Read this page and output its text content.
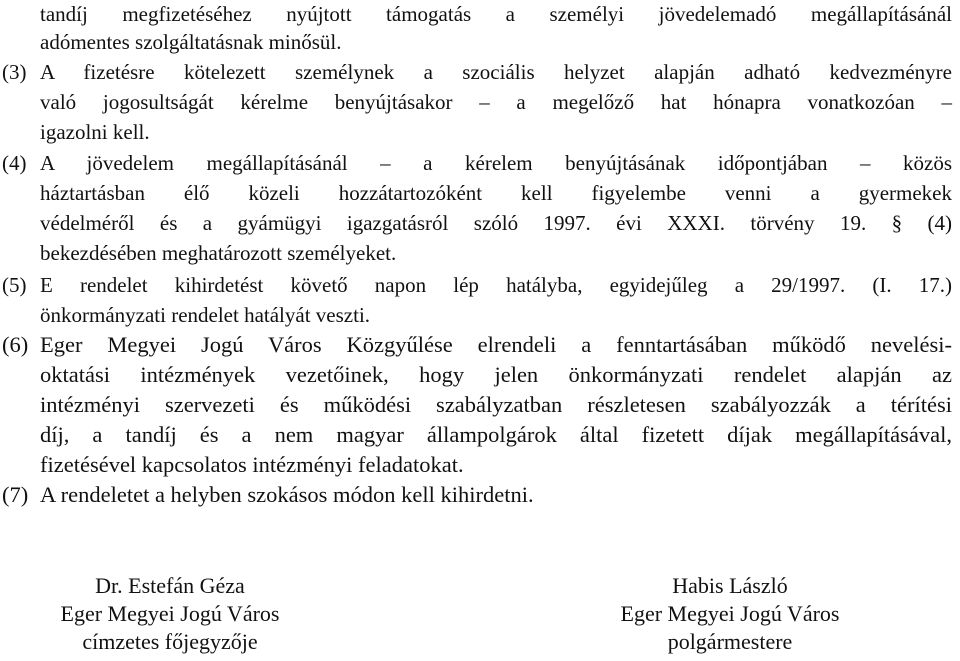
tandíj megfizetéséhez nyújtott támogatás a személyi jövedelemadó megállapításánál
adómentes szolgáltatásnak minősül.
(3) A fizetésre kötelezett személynek a szociális helyzet alapján adható kedvezményre
való jogosultságát kérelme benyújtásakor – a megelőző hat hónapra vonatkozóan –
igazolni kell.
(4) A jövedelem megállapításánál – a kérelem benyújtásának időpontjában – közös
háztartásban élő közeli hozzátartozóként kell figyelembe venni a gyermekek
védelméről és a gyámügyi igazgatásról szóló 1997. évi XXXI. törvény 19. § (4)
bekezdésében meghatározott személyeket.
(5) E rendelet kihirdetést követő napon lép hatályba, egyidejűleg a 29/1997. (I. 17.)
önkormányzati rendelet hatályát veszti.
(6) Eger Megyei Jogú Város Közgyűlése elrendeli a fenntartásában működő nevelési-
oktatási intézmények vezetőinek, hogy jelen önkormányzati rendelet alapján az
intézményi szervezeti és működési szabályzatban részletesen szabályozzák a térítési
díj, a tandíj és a nem magyar állampolgárok által fizetett díjak megállapításával,
fizetésével kapcsolatos intézményi feladatokat.
(7) A rendeletet a helyben szokásos módon kell kihirdetni.
Dr. Estefán Géza
Eger Megyei Jogú Város
címzetes főjegyzője
Habis László
Eger Megyei Jogú Város
polgármestere
